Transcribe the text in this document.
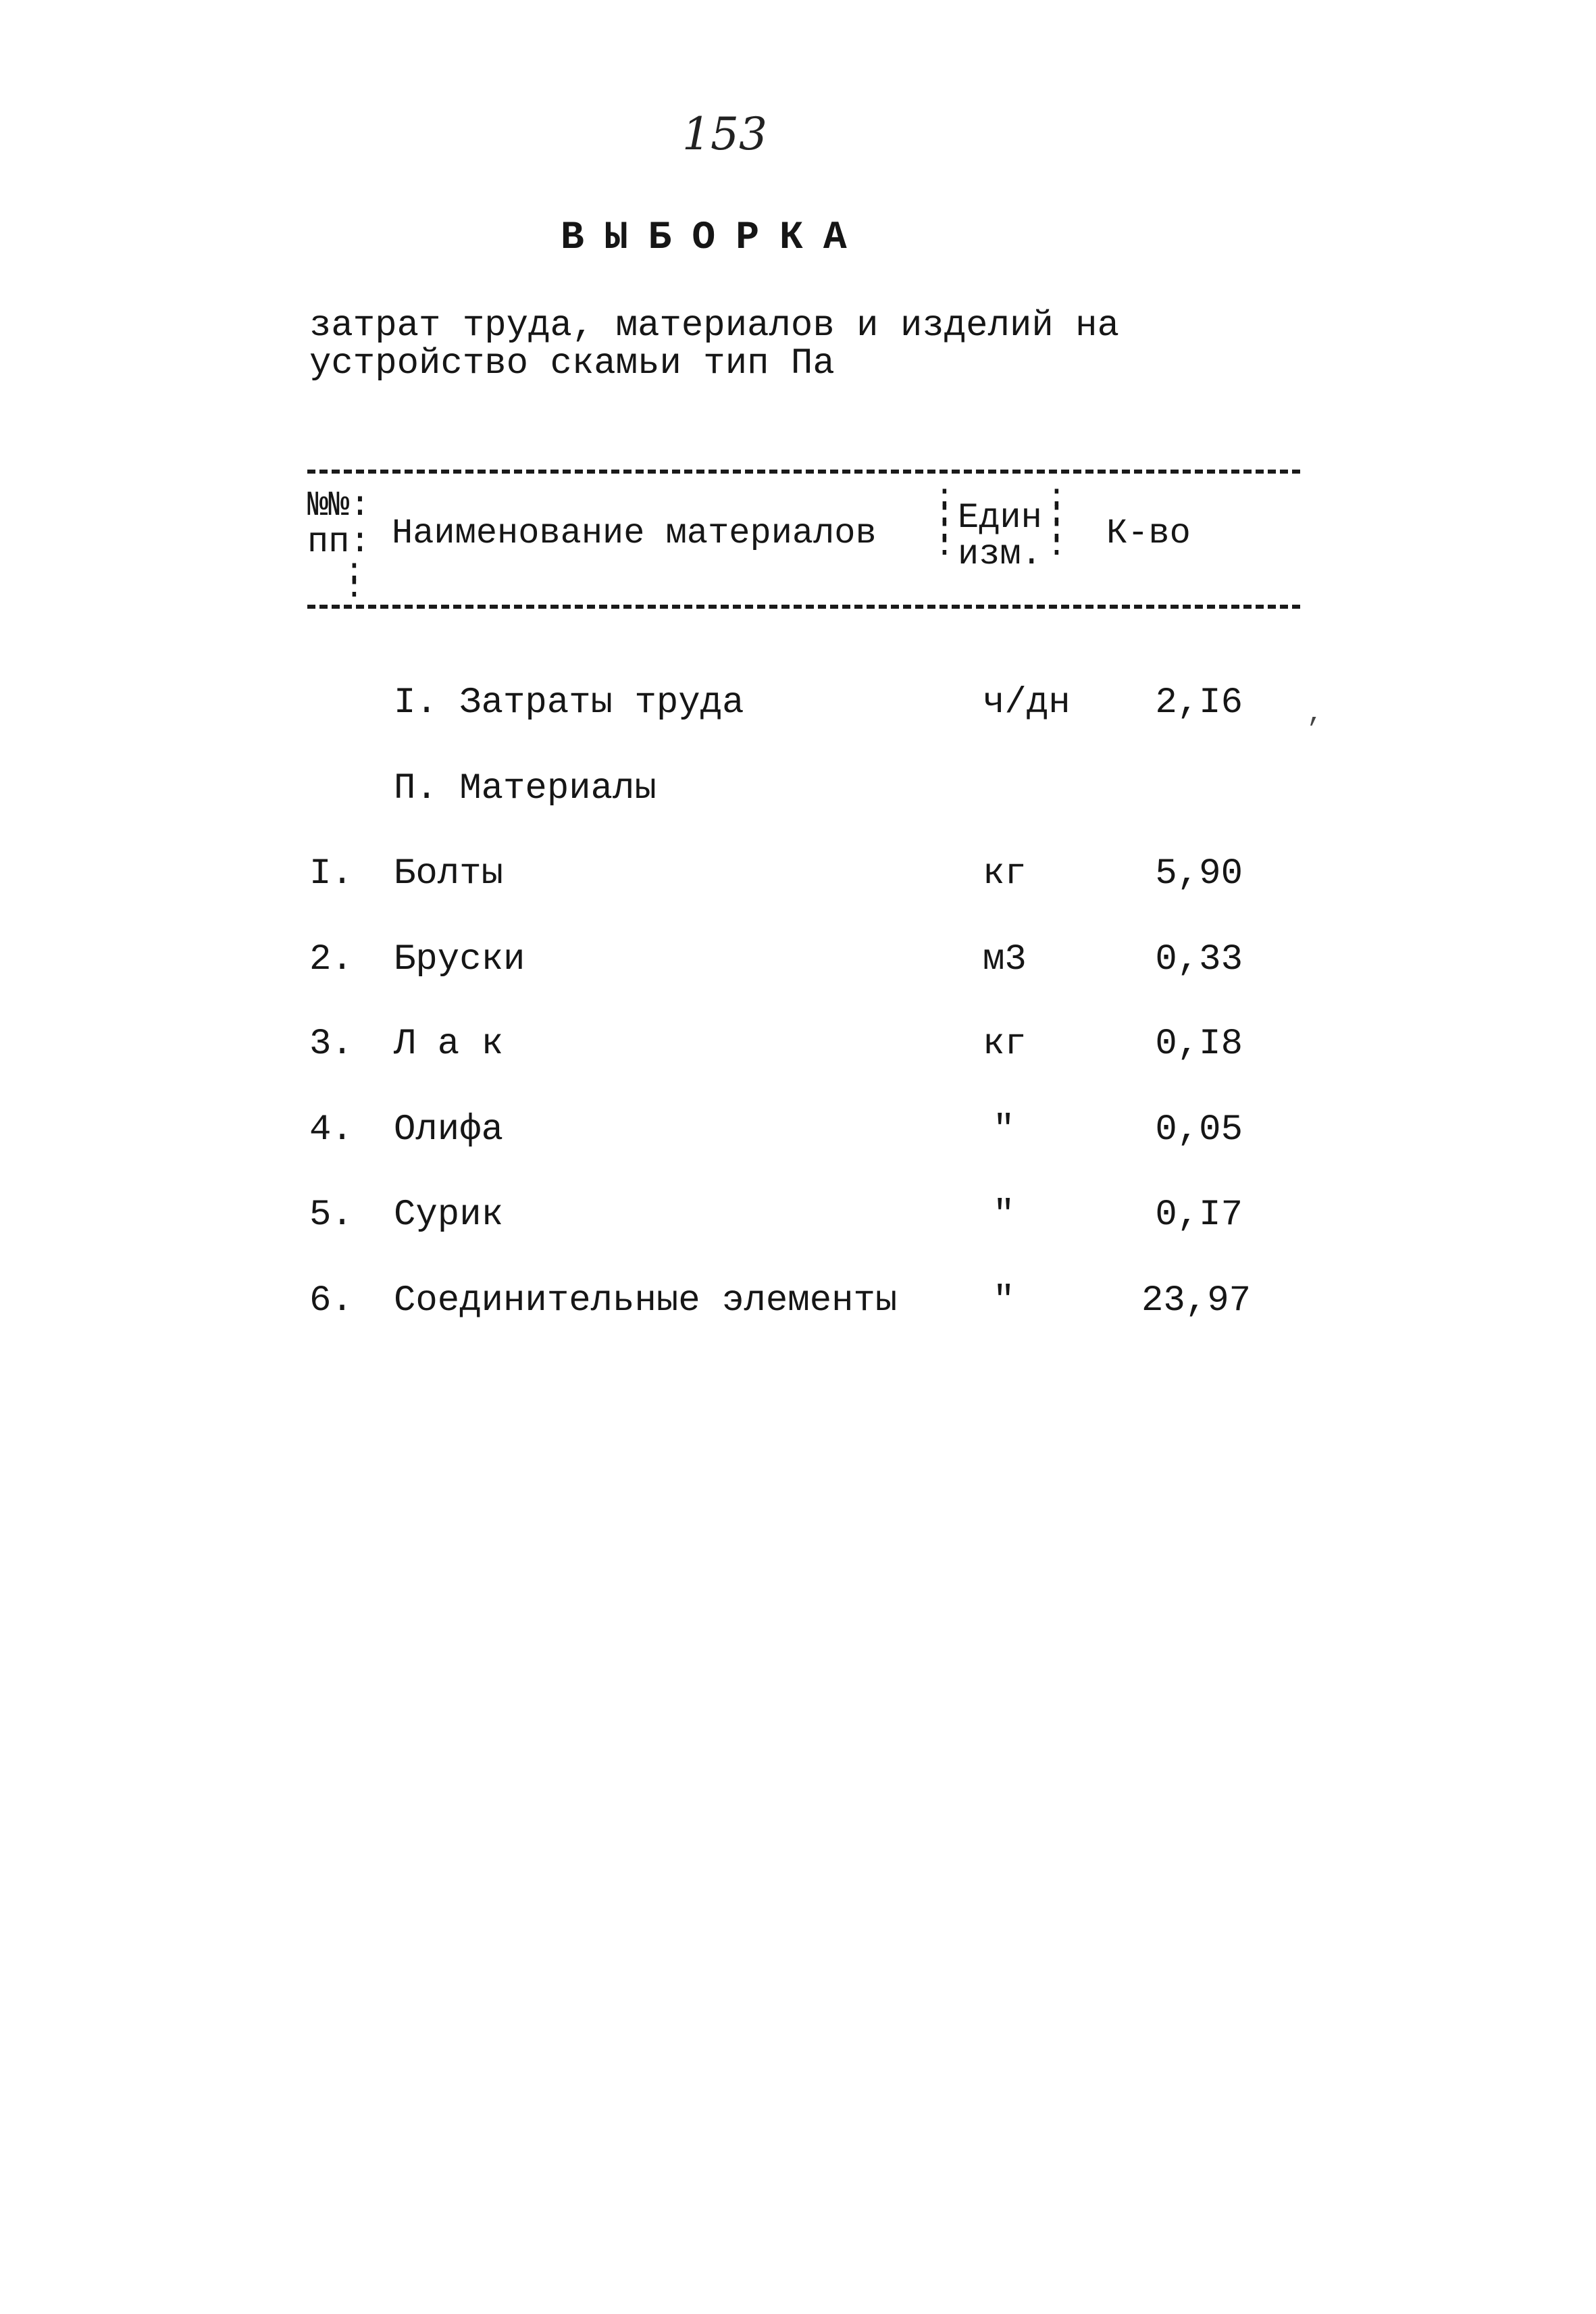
153
ВЫБОРКА
затрат труда, материалов и изделий на устройство скамьи тип Па
№№:
пп:
:
:
Наименование материалов
:
:
:
:
Един
изм.
:
:
:
: К-во
I. Затраты труда	ч/дн	2,I6 ,
П. Материалы
I. Болты	кг	5,90
2. Бруски	м3	0,33
3. Л а к	кг	0,I8
4. Олифа	"	0,05
5. Сурик	"	0,I7
6. Соединительные элементы	"	23,97
